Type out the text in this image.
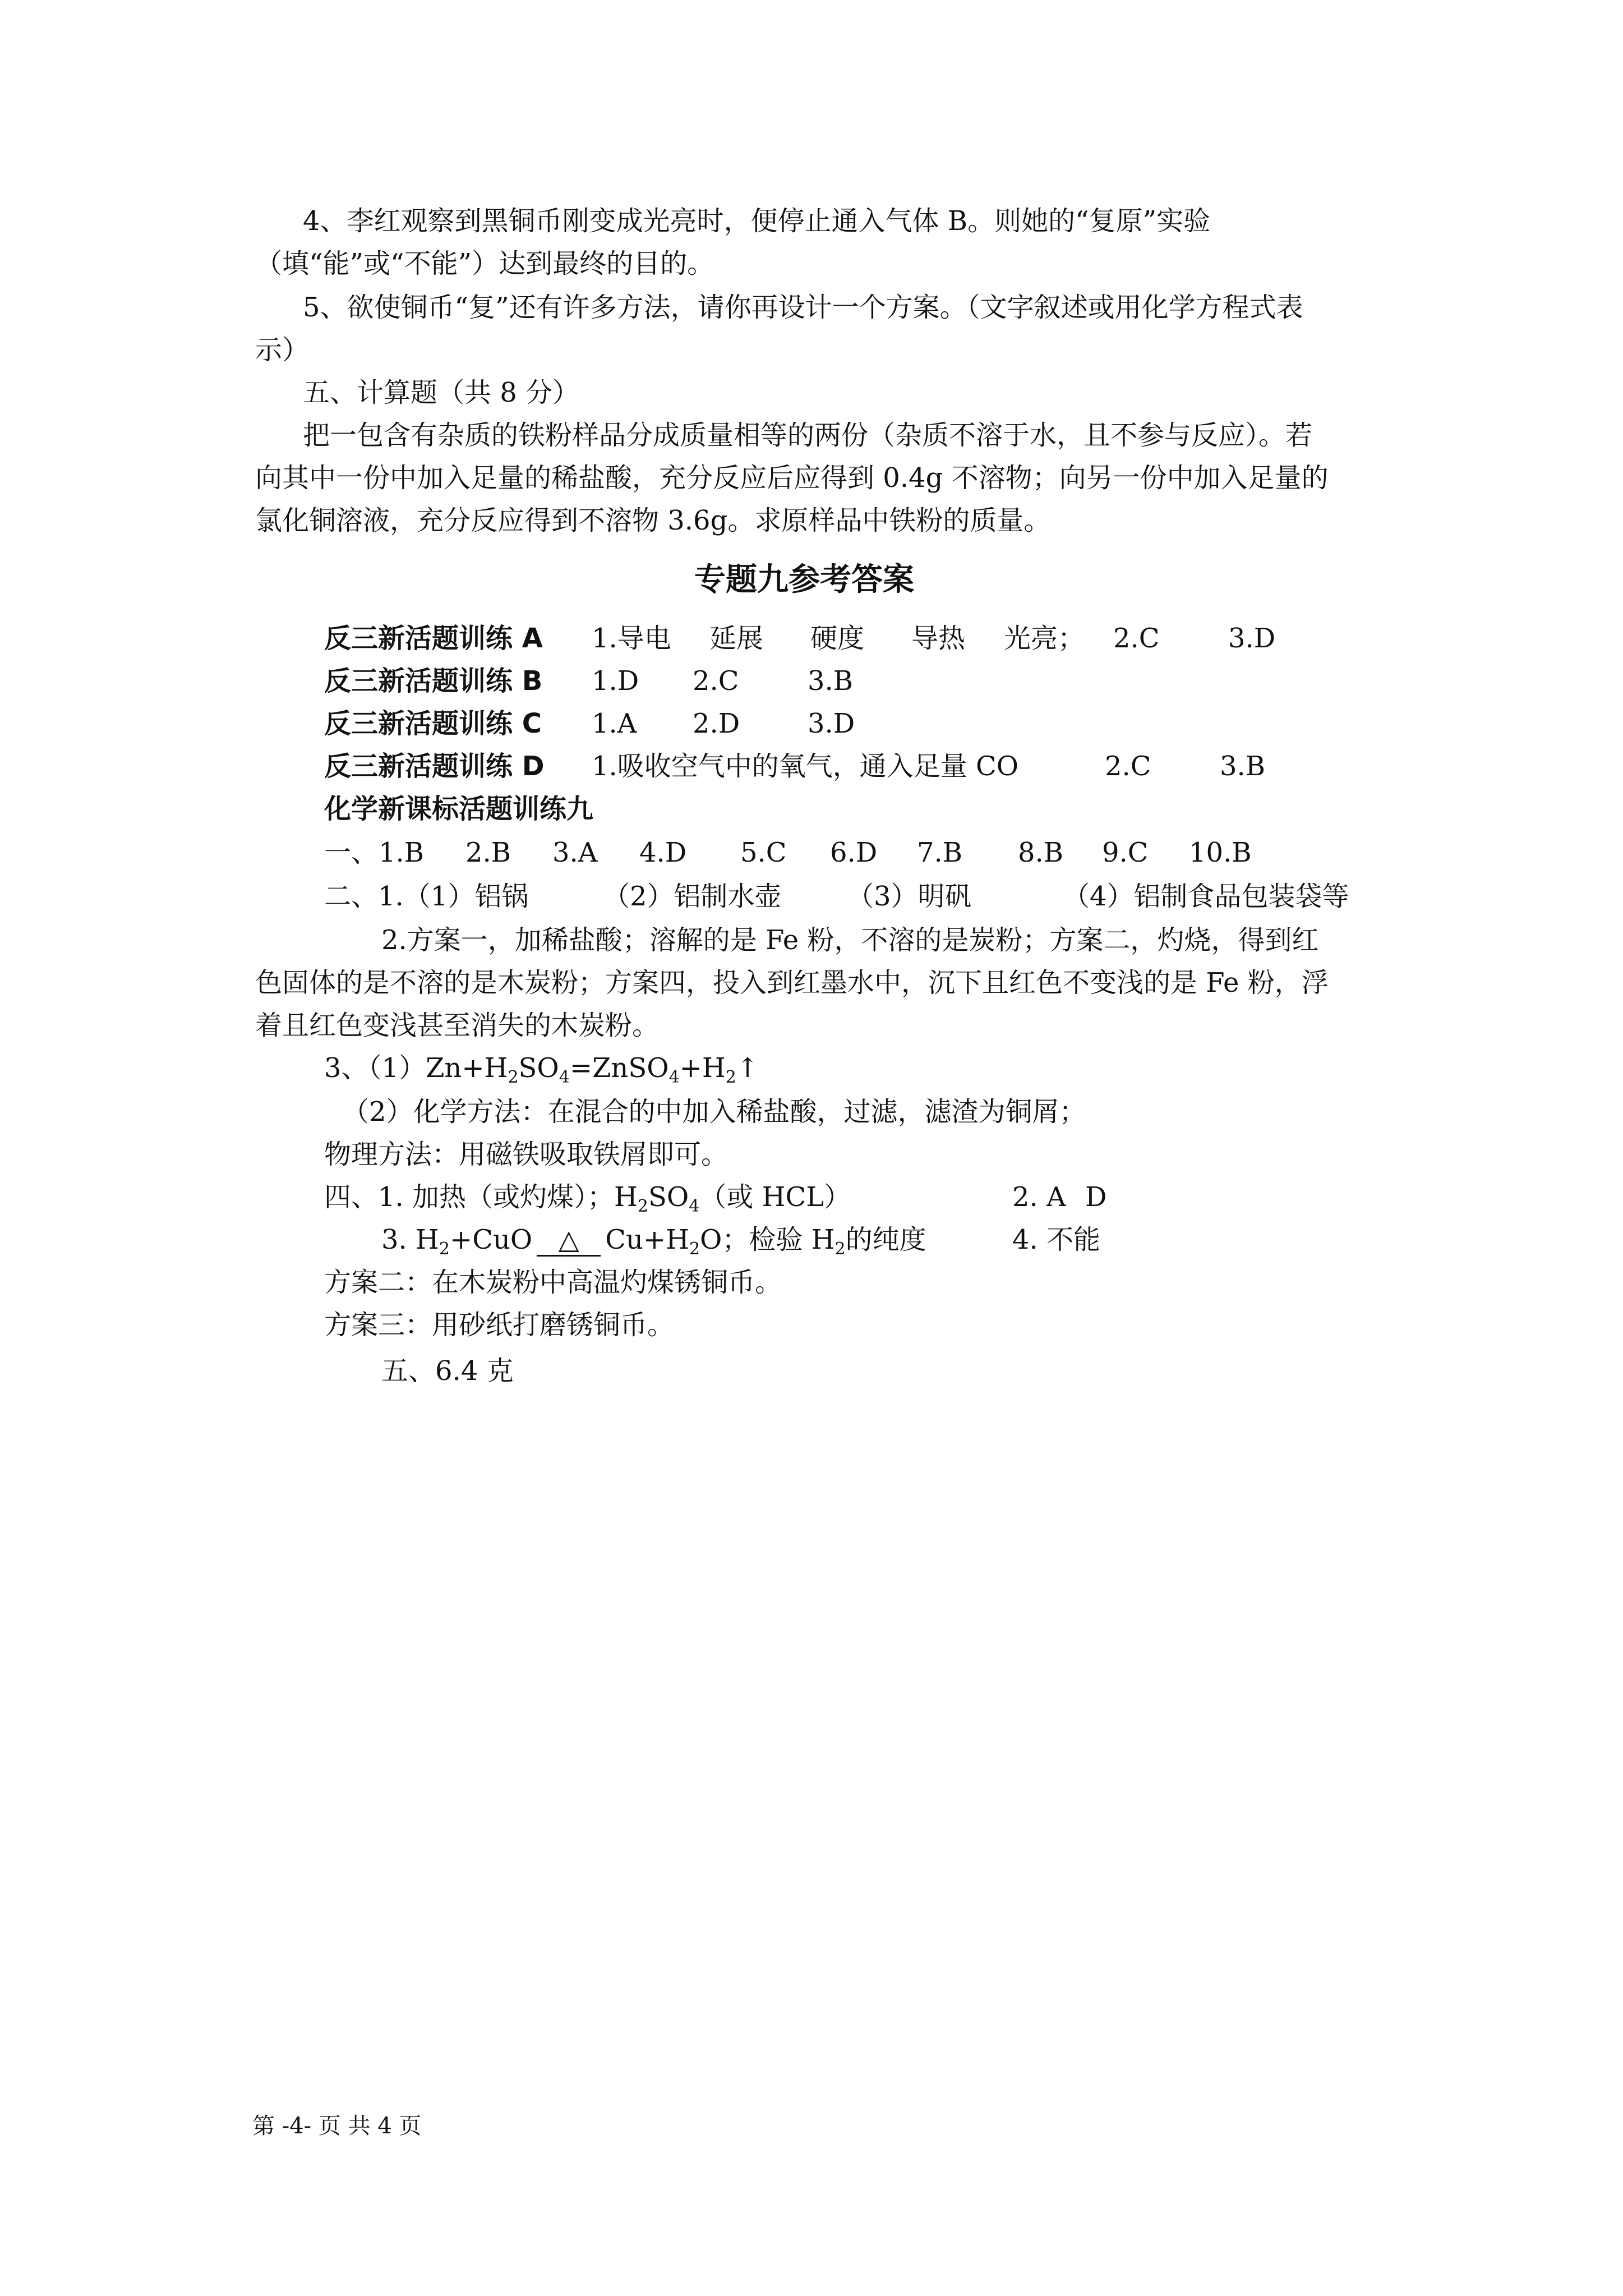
4、李红观察到黑铜币刚变成光亮时，便停止通入气体 B。则她的“复原”实验
（填“能”或“不能”）达到最终的目的。
5、欲使铜币“复”还有许多方法，请你再设计一个方案。（文字叙述或用化学方程式表
示）
五、计算题（共 8 分）
把一包含有杂质的铁粉样品分成质量相等的两份（杂质不溶于水，且不参与反应）。若
向其中一份中加入足量的稀盐酸，充分反应后应得到 0.4g 不溶物；向另一份中加入足量的
氯化铜溶液，充分反应得到不溶物 3.6g。求原样品中铁粉的质量。
专题九参考答案
反三新活题训练 A 1.导电 延展 硬度 导热 光亮； 2.C	3.D
反三新活题训练 B 1.D 2.C	3.B
反三新活题训练 C 1.A 2.D	3.D
反三新活题训练 D 1.吸收空气中的氧气，通入足量 CO	2.C	3.B
化学新课标活题训练九
一、 1.B 2.B 3.A 4.D 5.C 6.D 7.B 8.B 9.C 10.B
二、1.（1）铝锅	（2）铝制水壶 （3）明矾	（4）铝制食品包装袋等
2.方案一，加稀盐酸；溶解的是 Fe 粉，不溶的是炭粉；方案二，灼烧，得到红
色固体的是不溶的是木炭粉；方案四，投入到红墨水中，沉下且红色不变浅的是 Fe 粉，浮
着且红色变浅甚至消失的木炭粉。
3、$(1)Zn+H_2SO_4=ZnSO_4+H_2↑$
（2）化学方法：在混合的中加入稀盐酸，过滤，滤渣为铜屑；
物理方法：用磁铁吸取铁屑即可。
四、1. 加热（或灼煤）；$H_2SO_4$（或 HCL）	2. A D
3. $H_2+CuO$ △ $Cu+H_2O$；检验 $H_2$的纯度	4. 不能
方案二：在木炭粉中高温灼煤锈铜币。
方案三：用砂纸打磨锈铜币。
五、6.4 克
第 -4- 页 共 4 页
